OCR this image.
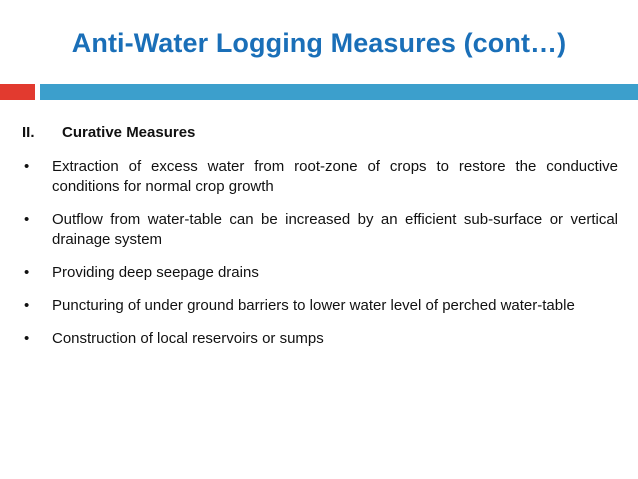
Anti-Water Logging Measures (cont…)
II. Curative Measures
• Extraction of excess water from root-zone of crops to restore the conductive conditions for normal crop growth
• Outflow from water-table can be increased by an efficient sub-surface or vertical drainage system
• Providing deep seepage drains
• Puncturing of under ground barriers to lower water level of perched water-table
• Construction of local reservoirs or sumps
